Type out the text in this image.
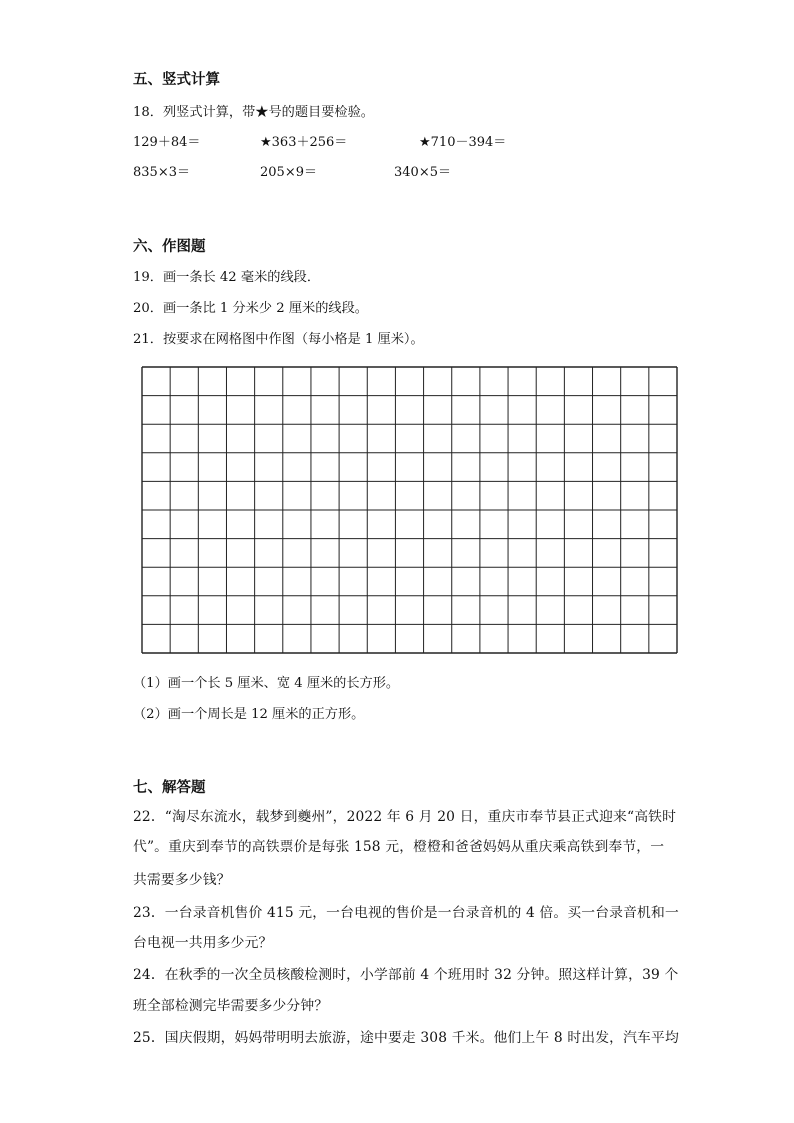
五、竖式计算
18．列竖式计算，带★号的题目要检验。
129＋84＝	★363＋256＝	★710－394＝
835×3＝	205×9＝	340×5＝
六、作图题
19．画一条长 42 毫米的线段．
20．画一条比 1 分米少 2 厘米的线段。
21．按要求在网格图中作图（每小格是 1 厘米）。
（1）画一个长 5 厘米、宽 4 厘米的长方形。
（2）画一个周长是 12 厘米的正方形。
七、解答题
22．“淘尽东流水，载梦到夔州”，2022 年 6 月 20 日，重庆市奉节县正式迎来“高铁时
代”。重庆到奉节的高铁票价是每张 158 元，橙橙和爸爸妈妈从重庆乘高铁到奉节，一
共需要多少钱？
23．一台录音机售价 415 元，一台电视的售价是一台录音机的 4 倍。买一台录音机和一
台电视一共用多少元？
24．在秋季的一次全员核酸检测时，小学部前 4 个班用时 32 分钟。照这样计算，39 个
班全部检测完毕需要多少分钟？
25．国庆假期，妈妈带明明去旅游，途中要走 308 千米。他们上午 8 时出发，汽车平均
